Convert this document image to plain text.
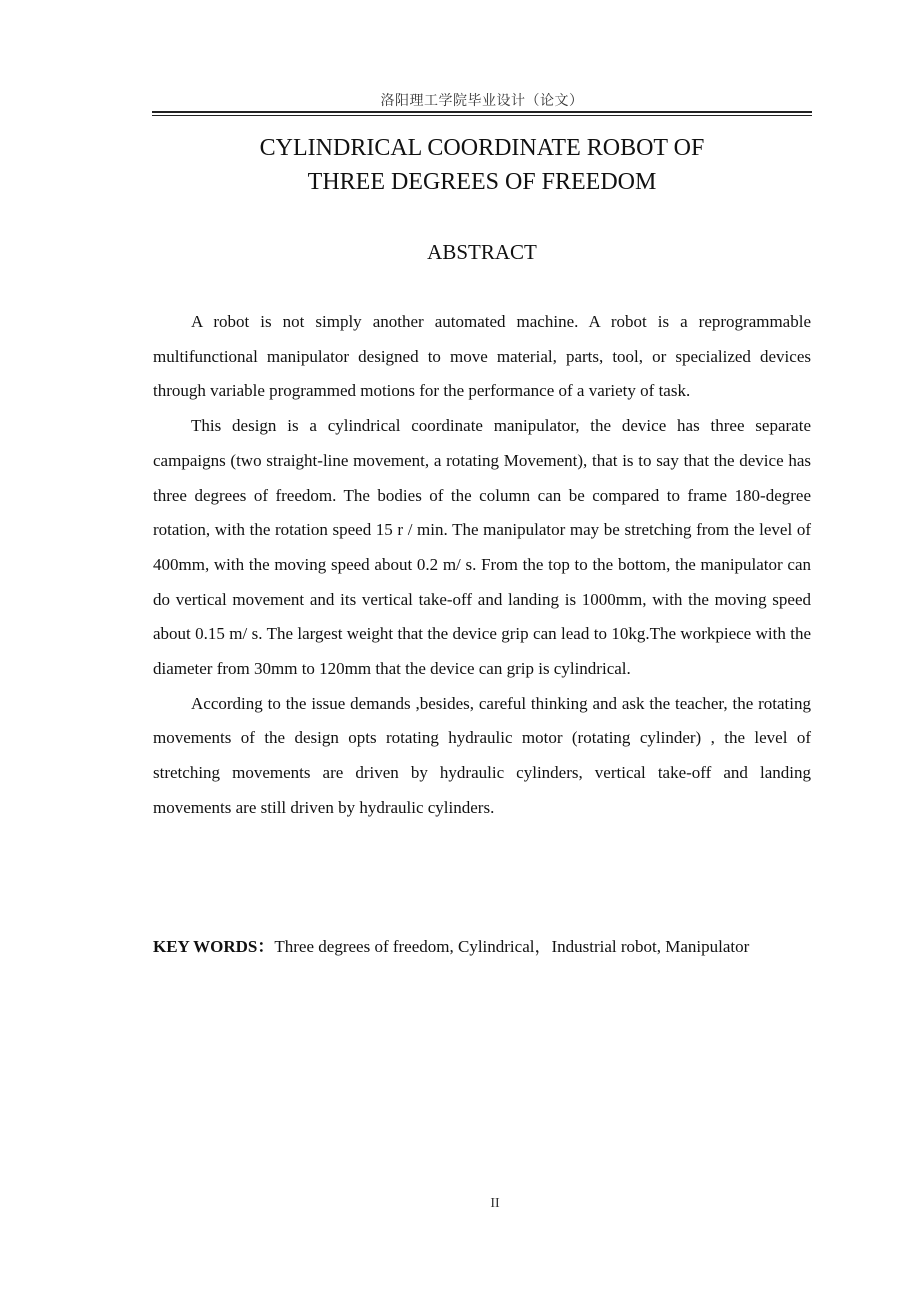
洛阳理工学院毕业设计（论文）
CYLINDRICAL COORDINATE ROBOT OF
THREE DEGREES OF FREEDOM
ABSTRACT

A robot is not simply another automated machine. A robot is a reprogrammable multifunctional manipulator designed to move material, parts, tool, or specialized devices through variable programmed motions for the performance of a variety of task.

This design is a cylindrical coordinate manipulator, the device has three separate campaigns (two straight-line movement, a rotating Movement), that is to say that the device has three degrees of freedom. The bodies of the column can be compared to frame 180-degree rotation, with the rotation speed 15 r / min. The manipulator may be stretching from the level of 400mm, with the moving speed about 0.2 m/ s. From the top to the bottom, the manipulator can do vertical movement and its vertical take-off and landing is 1000mm, with the moving speed about 0.15 m/ s. The largest weight that the device grip can lead to 10kg.The workpiece with the diameter from 30mm to 120mm that the device can grip is cylindrical.

According to the issue demands ,besides, careful thinking and ask the teacher, the rotating movements of the design opts rotating hydraulic motor (rotating cylinder) , the level of stretching movements are driven by hydraulic cylinders, vertical take-off and landing movements are still driven by hydraulic cylinders.

KEY WORDS：Three degrees of freedom, Cylindrical，Industrial robot, Manipulator
II
